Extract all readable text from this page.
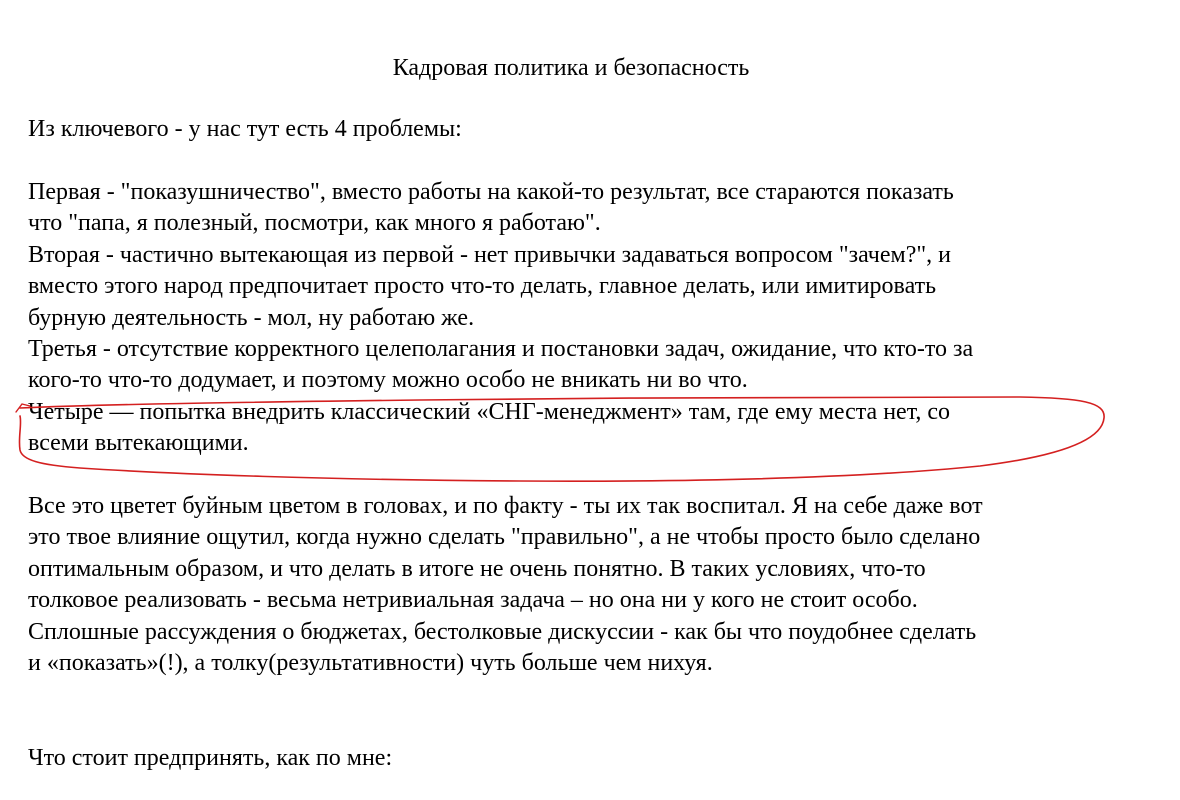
Кадровая политика и безопасность

Из ключевого - у нас тут есть 4 проблемы:

Первая - "показушничество", вместо работы на какой-то результат, все стараются показать
что "папа, я полезный, посмотри, как много я работаю".
Вторая - частично вытекающая из первой - нет привычки задаваться вопросом "зачем?", и
вместо этого народ предпочитает просто что-то делать, главное делать, или имитировать
бурную деятельность - мол, ну работаю же.
Третья - отсутствие корректного целеполагания и постановки задач, ожидание, что кто-то за
кого-то что-то додумает, и поэтому можно особо не вникать ни во что.
Четыре — попытка внедрить классический «СНГ-менеджмент» там, где ему места нет, со
всеми вытекающими.

Все это цветет буйным цветом в головах, и по факту - ты их так воспитал. Я на себе даже вот
это твое влияние ощутил, когда нужно сделать "правильно", а не чтобы просто было сделано
оптимальным образом, и что делать в итоге не очень понятно. В таких условиях, что-то
толковое реализовать - весьма нетривиальная задача – но она ни у кого не стоит особо.
Сплошные рассуждения о бюджетах, бестолковые дискуссии - как бы что поудобнее сделать
и «показать»(!), а толку(результативности) чуть больше чем нихуя.

Что стоит предпринять, как по мне:
